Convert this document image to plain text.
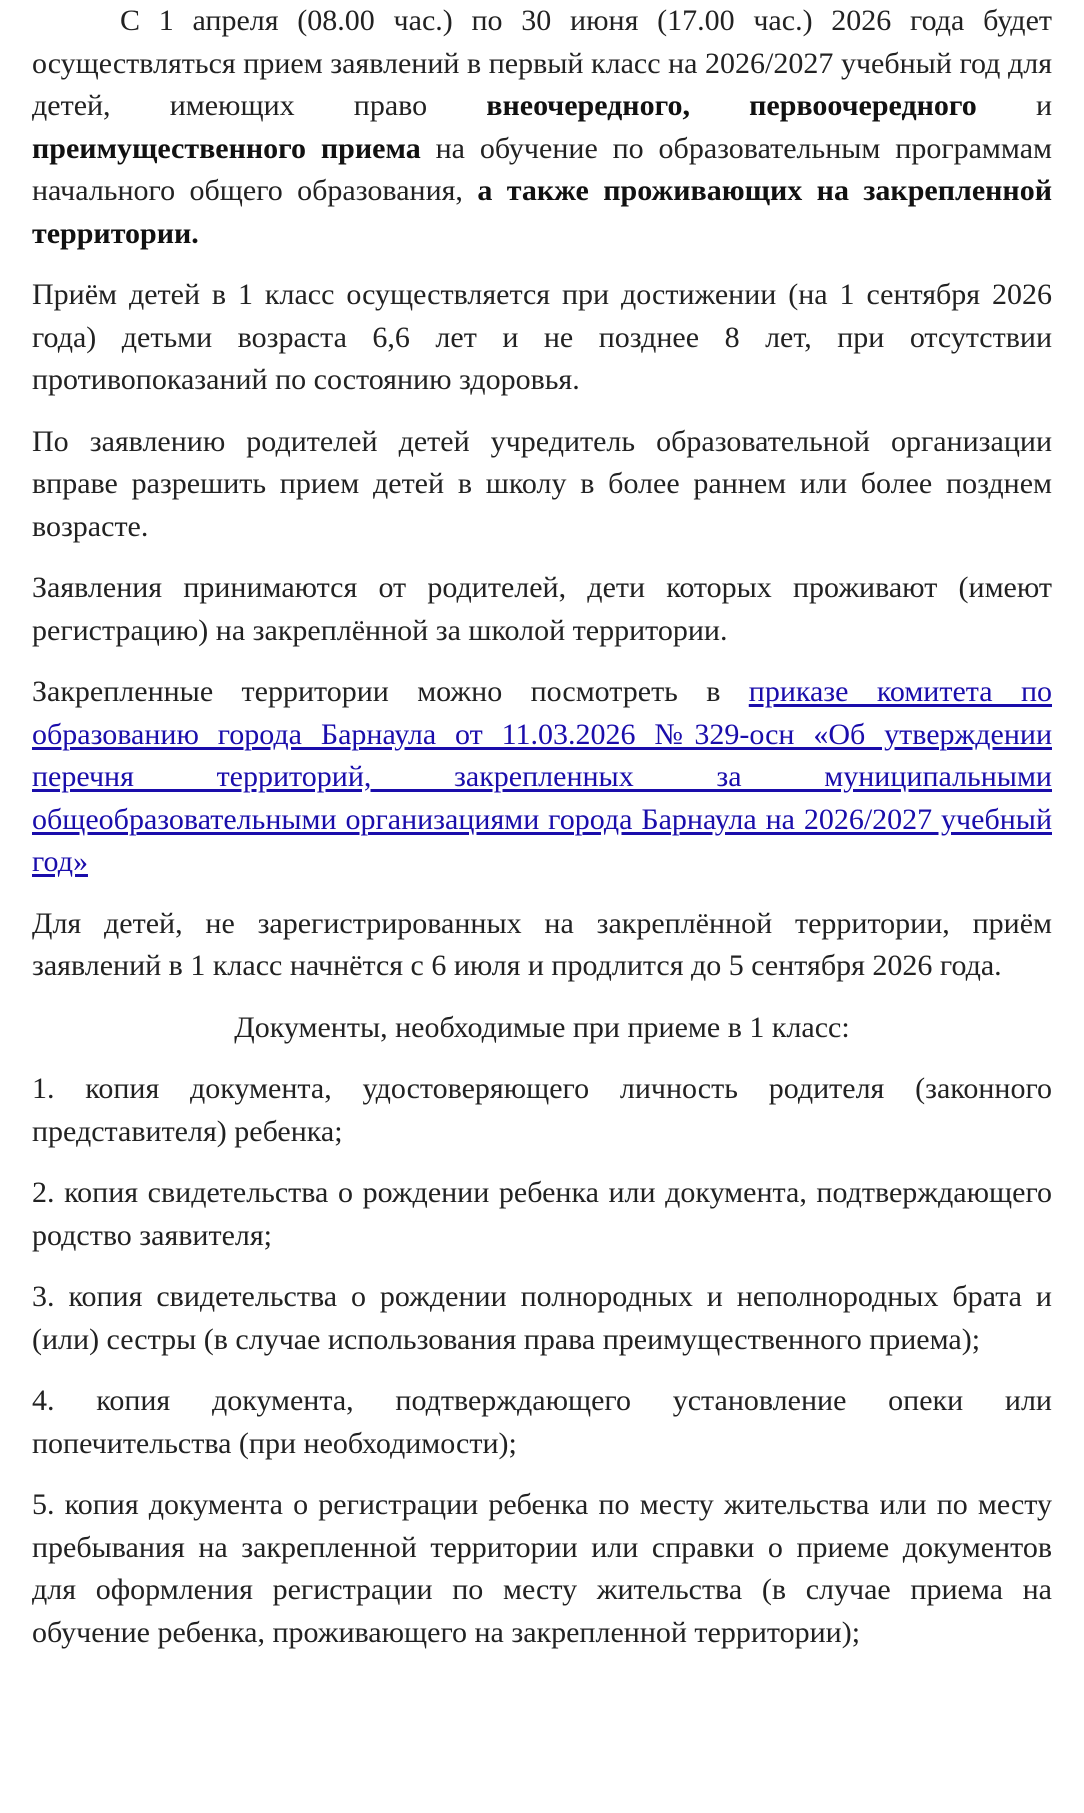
С 1 апреля (08.00 час.) по 30 июня (17.00 час.) 2026 года будет осуществляться прием заявлений в первый класс на 2026/2027 учебный год для детей, имеющих право внеочередного, первоочередного и преимущественного приема на обучение по образовательным программам начального общего образования, а также проживающих на закрепленной территории.

Приём детей в 1 класс осуществляется при достижении (на 1 сентября 2026 года) детьми возраста 6,6 лет и не позднее 8 лет, при отсутствии противопоказаний по состоянию здоровья.

По заявлению родителей детей учредитель образовательной организации вправе разрешить прием детей в школу в более раннем или более позднем возрасте.

Заявления принимаются от родителей, дети которых проживают (имеют регистрацию) на закреплённой за школой территории.

Закрепленные территории можно посмотреть в приказе комитета по образованию города Барнаула от 11.03.2026 №329-осн «Об утверждении перечня территорий, закрепленных за муниципальными общеобразовательными организациями города Барнаула на 2026/2027 учебный год»

Для детей, не зарегистрированных на закреплённой территории, приём заявлений в 1 класс начнётся с 6 июля и продлится до 5 сентября 2026 года.

Документы, необходимые при приеме в 1 класс:

1. копия документа, удостоверяющего личность родителя (законного представителя) ребенка;

2. копия свидетельства о рождении ребенка или документа, подтверждающего родство заявителя;

3. копия свидетельства о рождении полнородных и неполнородных брата и (или) сестры (в случае использования права преимущественного приема);

4. копия документа, подтверждающего установление опеки или попечительства (при необходимости);

5. копия документа о регистрации ребенка по месту жительства или по месту пребывания на закрепленной территории или справки о приеме документов для оформления регистрации по месту жительства (в случае приема на обучение ребенка, проживающего на закрепленной территории);
